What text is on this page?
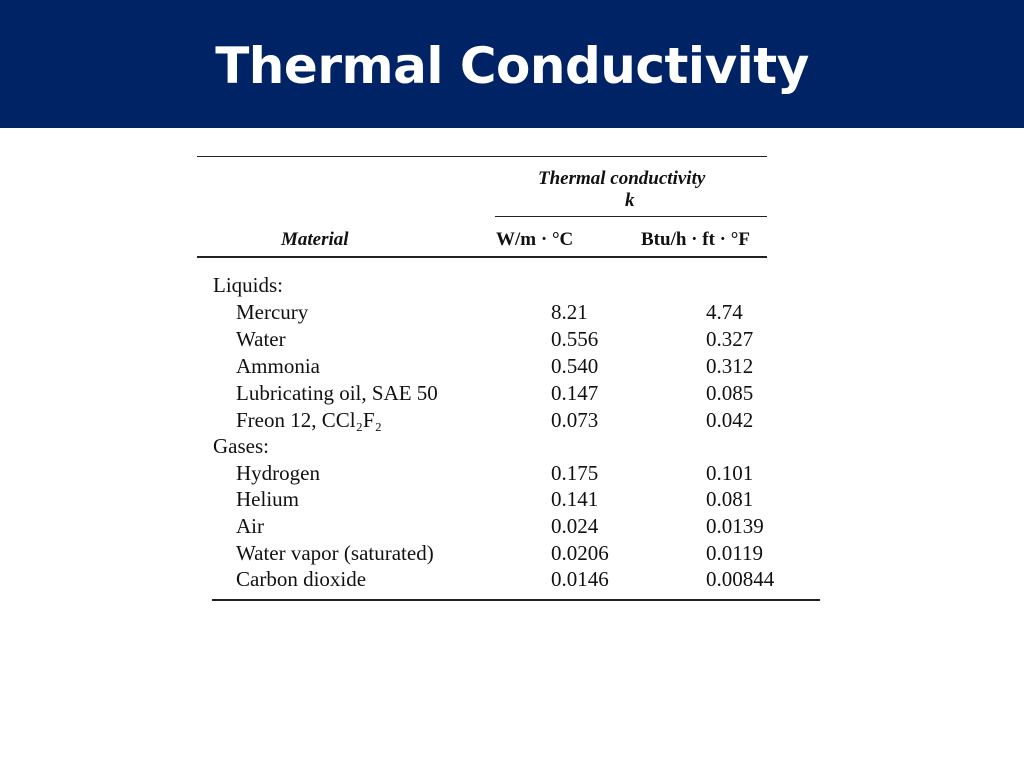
Thermal Conductivity
Thermal conductivity
k
Material	W/m · °C	Btu/h · ft · °F
Liquids:
Mercury	8.21	4.74
Water	0.556	0.327
Ammonia	0.540	0.312
Lubricating oil, SAE 50	0.147	0.085
Freon 12, CCl₂F₂	0.073	0.042
Gases:
Hydrogen	0.175	0.101
Helium	0.141	0.081
Air	0.024	0.0139
Water vapor (saturated)	0.0206	0.0119
Carbon dioxide	0.0146	0.00844
